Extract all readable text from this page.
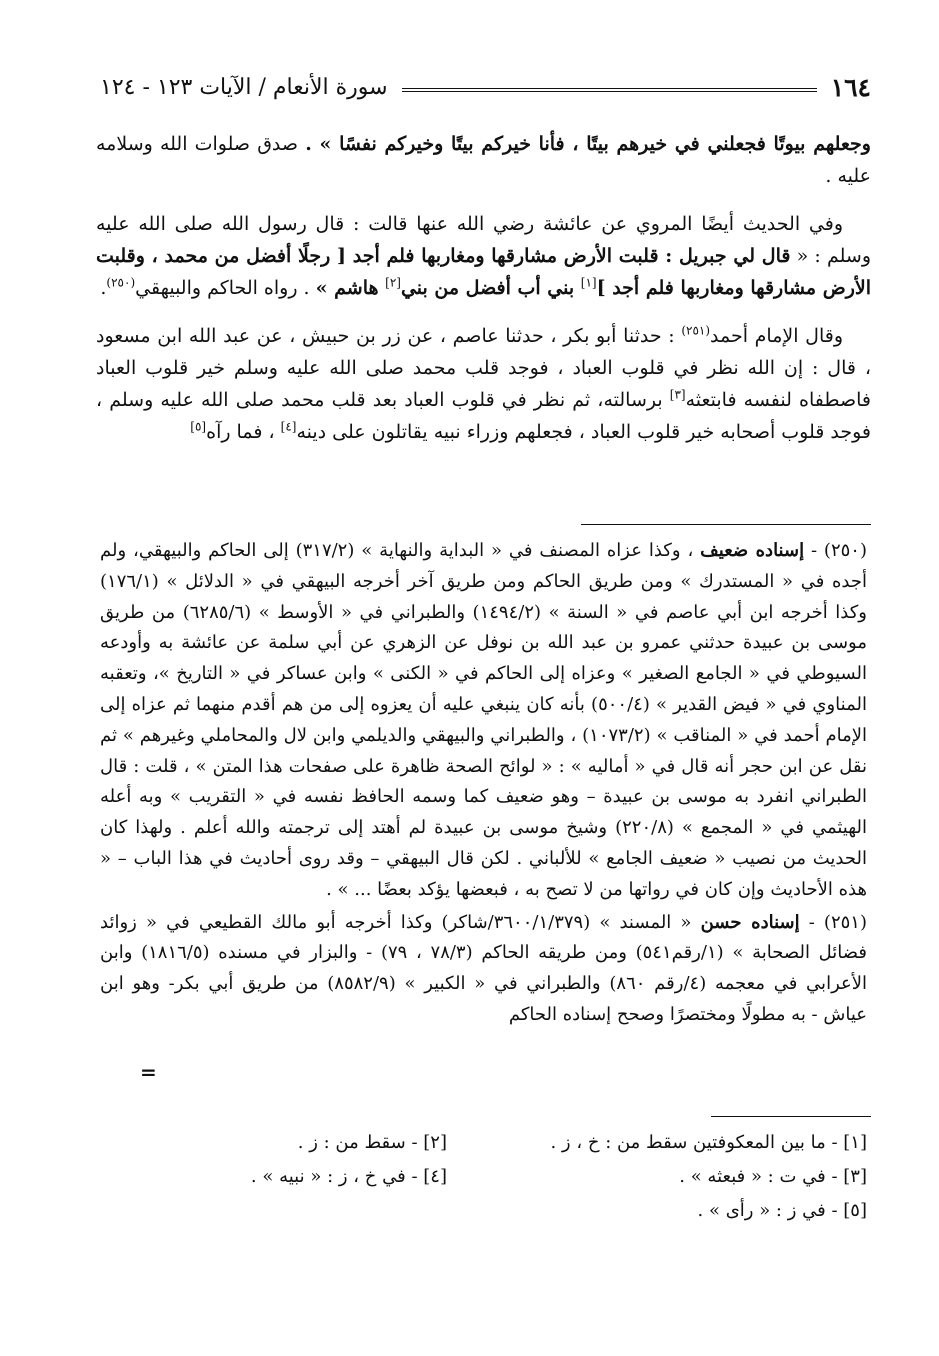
١٦٤
سورة الأنعام / الآيات ١٢٣ - ١٢٤

وجعلهم بيوتًا فجعلني في خيرهم بيتًا ، فأنا خيركم بيتًا وخيركم نفسًا » . صدق صلوات الله وسلامه عليه .

وفي الحديث أيضًا المروي عن عائشة رضي الله عنها قالت : قال رسول الله صلى الله عليه وسلم : « قال لي جبريل : قلبت الأرض مشارقها ومغاربها فلم أجد [ رجلًا أفضل من محمد ، وقلبت الأرض مشارقها ومغاربها فلم أجد ][١] بني أب أفضل من بني[٢] هاشم » . رواه الحاكم والبيهقي$^{(٢٥٠)}$.

وقال الإمام أحمد$^{(٢٥١)}$ : حدثنا أبو بكر ، حدثنا عاصم ، عن زر بن حبيش ، عن عبد الله ابن مسعود ، قال : إن الله نظر في قلوب العباد ، فوجد قلب محمد صلى الله عليه وسلم خير قلوب العباد فاصطفاه لنفسه فابتعثه[٣] برسالته، ثم نظر في قلوب العباد بعد قلب محمد صلى الله عليه وسلم ، فوجد قلوب أصحابه خير قلوب العباد ، فجعلهم وزراء نبيه يقاتلون على دينه[٤] ، فما رآه[٥]

(٢٥٠) - إسناده ضعيف ، وكذا عزاه المصنف في « البداية والنهاية » (٣١٧/٢) إلى الحاكم والبيهقي، ولم أجده في « المستدرك » ومن طريق الحاكم ومن طريق آخر أخرجه البيهقي في « الدلائل » (١٧٦/١) وكذا أخرجه ابن أبي عاصم في « السنة » (١٤٩٤/٢) والطبراني في « الأوسط » (٦٢٨٥/٦) من طريق موسى بن عبيدة حدثني عمرو بن عبد الله بن نوفل عن الزهري عن أبي سلمة عن عائشة به وأودعه السيوطي في « الجامع الصغير » وعزاه إلى الحاكم في « الكنى » وابن عساكر في « التاريخ »، وتعقبه المناوي في « فيض القدير » (٥٠٠/٤) بأنه كان ينبغي عليه أن يعزوه إلى من هم أقدم منهما ثم عزاه إلى الإمام أحمد في « المناقب » (١٠٧٣/٢) ، والطبراني والبيهقي والديلمي وابن لال والمحاملي وغيرهم » ثم نقل عن ابن حجر أنه قال في « أماليه » : « لوائح الصحة ظاهرة على صفحات هذا المتن » ، قلت : قال الطبراني انفرد به موسى بن عبيدة – وهو ضعيف كما وسمه الحافظ نفسه في « التقريب » وبه أعله الهيثمي في « المجمع » (٢٢٠/٨) وشيخ موسى بن عبيدة لم أهتد إلى ترجمته والله أعلم . ولهذا كان الحديث من نصيب « ضعيف الجامع » للألباني . لكن قال البيهقي – وقد روى أحاديث في هذا الباب – « هذه الأحاديث وإن كان في رواتها من لا تصح به ، فبعضها يؤكد بعضًا ... » .

(٢٥١) - إسناده حسن « المسند » (٣٦٠٠/١/٣٧٩/شاكر) وكذا أخرجه أبو مالك القطيعي في « زوائد فضائل الصحابة » (١/رقم٥٤١) ومن طريقه الحاكم (٧٨/٣ ، ٧٩) - والبزار في مسنده (١٨١٦/٥) وابن الأعرابي في معجمه (٤/رقم ٨٦٠) والطبراني في « الكبير » (٨٥٨٢/٩) من طريق أبي بكر- وهو ابن عياش - به مطولًا ومختصرًا وصحح إسناده الحاكم

=
[١] - ما بين المعكوفتين سقط من : خ ، ز .
[٢] - سقط من : ز .
[٣] - في ت : « فبعثه » .
[٤] - في خ ، ز : « نبيه » .
[٥] - في ز : « رأى » .
